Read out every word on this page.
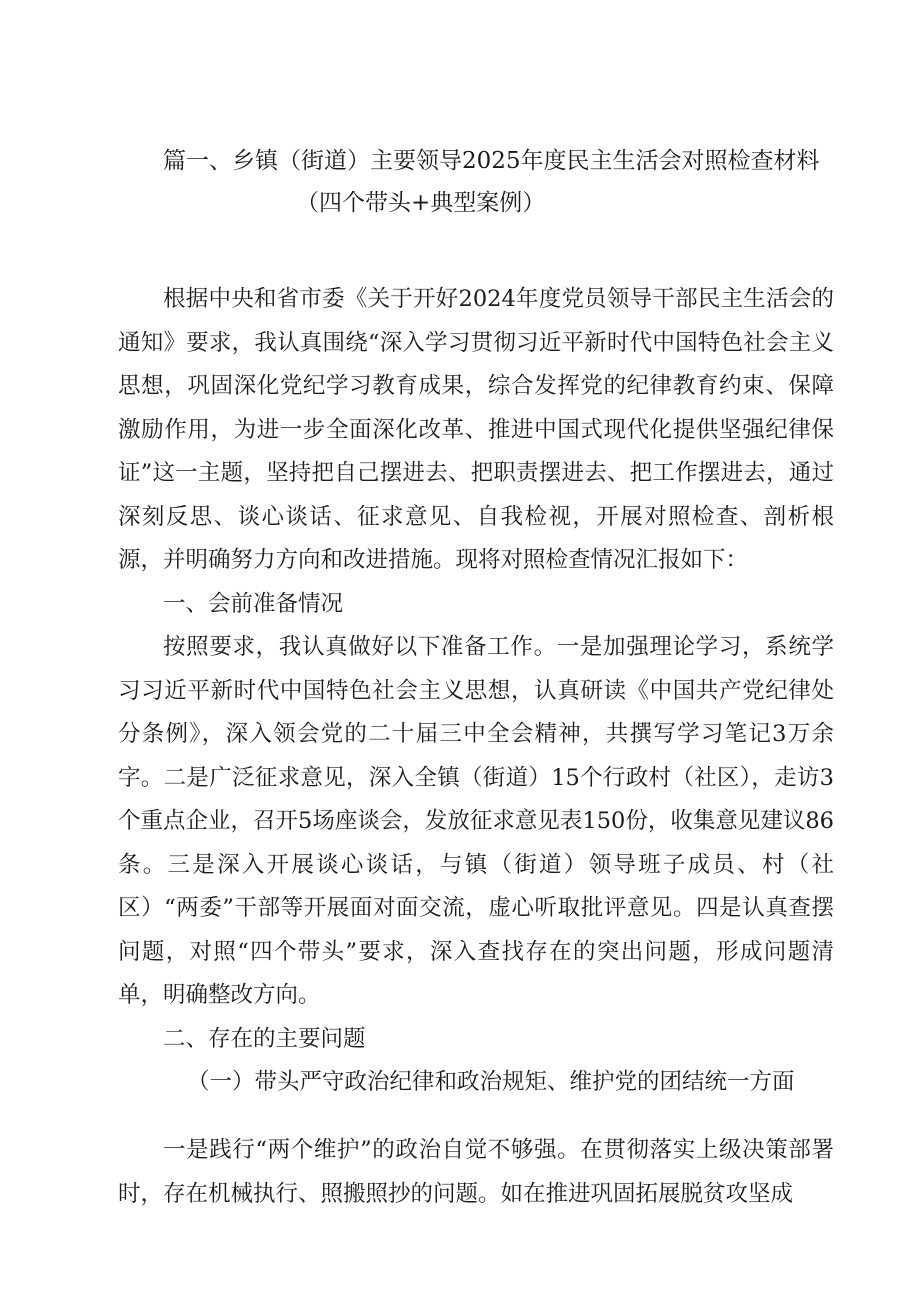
篇一、乡镇（街道）主要领导2025年度民主生活会对照检查材料
（四个带头+典型案例）

根据中央和省市委《关于开好2024年度党员领导干部民主生活会的通知》要求，我认真围绕“深入学习贯彻习近平新时代中国特色社会主义思想，巩固深化党纪学习教育成果，综合发挥党的纪律教育约束、保障激励作用，为进一步全面深化改革、推进中国式现代化提供坚强纪律保证”这一主题，坚持把自己摆进去、把职责摆进去、把工作摆进去，通过深刻反思、谈心谈话、征求意见、自我检视，开展对照检查、剖析根源，并明确努力方向和改进措施。现将对照检查情况汇报如下：

一、会前准备情况

按照要求，我认真做好以下准备工作。一是加强理论学习，系统学习习近平新时代中国特色社会主义思想，认真研读《中国共产党纪律处分条例》，深入领会党的二十届三中全会精神，共撰写学习笔记3万余字。二是广泛征求意见，深入全镇（街道）15个行政村（社区），走访3个重点企业，召开5场座谈会，发放征求意见表150份，收集意见建议86条。三是深入开展谈心谈话，与镇（街道）领导班子成员、村（社区）“两委”干部等开展面对面交流，虚心听取批评意见。四是认真查摆问题，对照“四个带头”要求，深入查找存在的突出问题，形成问题清单，明确整改方向。

二、存在的主要问题

（一）带头严守政治纪律和政治规矩、维护党的团结统一方面

一是践行“两个维护”的政治自觉不够强。在贯彻落实上级决策部署时，存在机械执行、照搬照抄的问题。如在推进巩固拓展脱贫攻坚成
